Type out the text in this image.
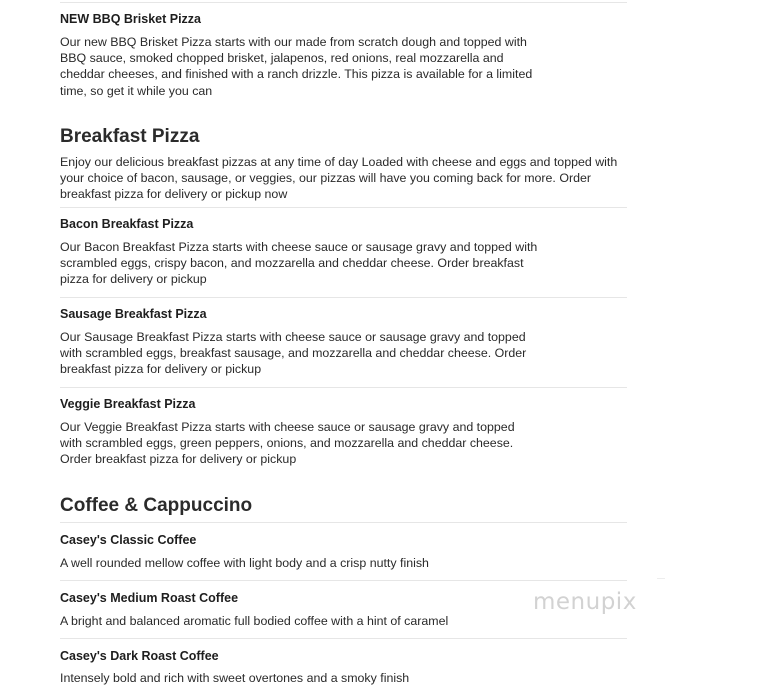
NEW BBQ Brisket Pizza
Our new BBQ Brisket Pizza starts with our made from scratch dough and topped with
BBQ sauce, smoked chopped brisket, jalapenos, red onions, real mozzarella and
cheddar cheeses, and finished with a ranch drizzle. This pizza is available for a limited
time, so get it while you can
Breakfast Pizza
Enjoy our delicious breakfast pizzas at any time of day Loaded with cheese and eggs and topped with
your choice of bacon, sausage, or veggies, our pizzas will have you coming back for more. Order
breakfast pizza for delivery or pickup now
Bacon Breakfast Pizza
Our Bacon Breakfast Pizza starts with cheese sauce or sausage gravy and topped with
scrambled eggs, crispy bacon, and mozzarella and cheddar cheese. Order breakfast
pizza for delivery or pickup
Sausage Breakfast Pizza
Our Sausage Breakfast Pizza starts with cheese sauce or sausage gravy and topped
with scrambled eggs, breakfast sausage, and mozzarella and cheddar cheese. Order
breakfast pizza for delivery or pickup
Veggie Breakfast Pizza
Our Veggie Breakfast Pizza starts with cheese sauce or sausage gravy and topped
with scrambled eggs, green peppers, onions, and mozzarella and cheddar cheese.
Order breakfast pizza for delivery or pickup
Coffee & Cappuccino
Casey's Classic Coffee
A well rounded mellow coffee with light body and a crisp nutty finish
Casey's Medium Roast Coffee
A bright and balanced aromatic full bodied coffee with a hint of caramel
Casey's Dark Roast Coffee
Intensely bold and rich with sweet overtones and a smoky finish
menupix
